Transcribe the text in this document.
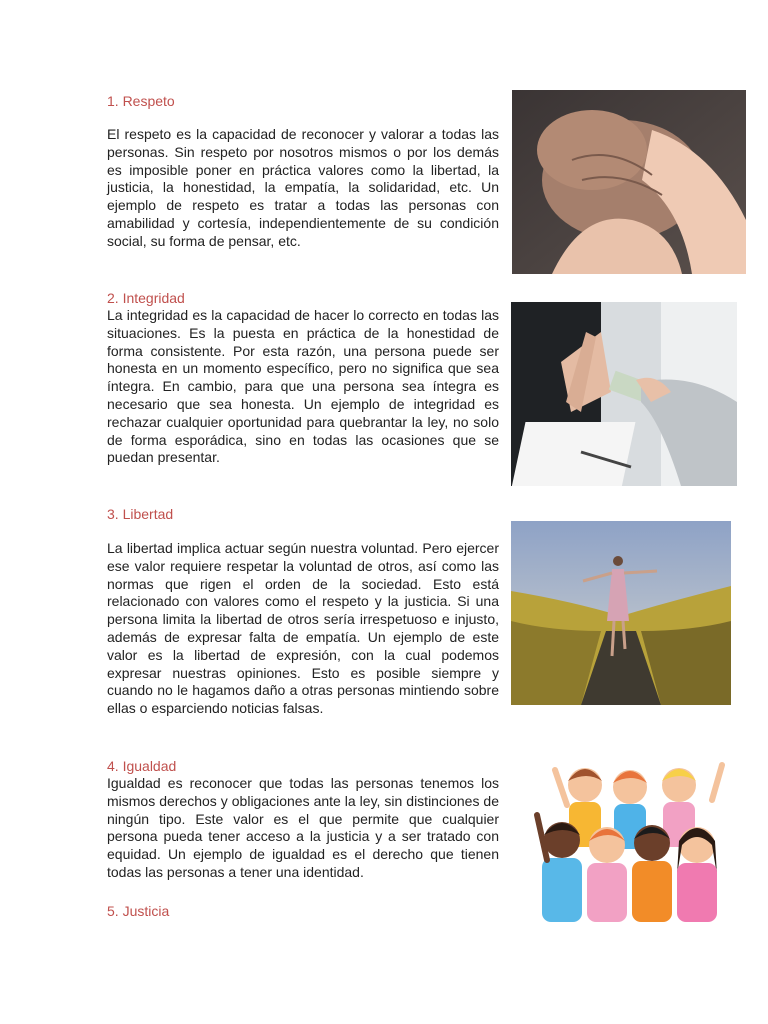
1. Respeto

El respeto es la capacidad de reconocer y valorar a todas las personas. Sin respeto por nosotros mismos o por los demás es imposible poner en práctica valores como la libertad, la justicia, la honestidad, la empatía, la solidaridad, etc. Un ejemplo de respeto es tratar a todas las personas con amabilidad y cortesía, independientemente de su condición social, su forma de pensar, etc.

2. Integridad

La integridad es la capacidad de hacer lo correcto en todas las situaciones. Es la puesta en práctica de la honestidad de forma consistente. Por esta razón, una persona puede ser honesta en un momento específico, pero no significa que sea íntegra. En cambio, para que una persona sea íntegra es necesario que sea honesta. Un ejemplo de integridad es rechazar cualquier oportunidad para quebrantar la ley, no solo de forma esporádica, sino en todas las ocasiones que se puedan presentar.

3. Libertad

La libertad implica actuar según nuestra voluntad. Pero ejercer ese valor requiere respetar la voluntad de otros, así como las normas que rigen el orden de la sociedad. Esto está relacionado con valores como el respeto y la justicia. Si una persona limita la libertad de otros sería irrespetuoso e injusto, además de expresar falta de empatía. Un ejemplo de este valor es la libertad de expresión, con la cual podemos expresar nuestras opiniones. Esto es posible siempre y cuando no le hagamos daño a otras personas mintiendo sobre ellas o esparciendo noticias falsas.

4. Igualdad

Igualdad es reconocer que todas las personas tenemos los mismos derechos y obligaciones ante la ley, sin distinciones de ningún tipo. Este valor es el que permite que cualquier persona pueda tener acceso a la justicia y a ser tratado con equidad. Un ejemplo de igualdad es el derecho que tienen todas las personas a tener una identidad.

5. Justicia
